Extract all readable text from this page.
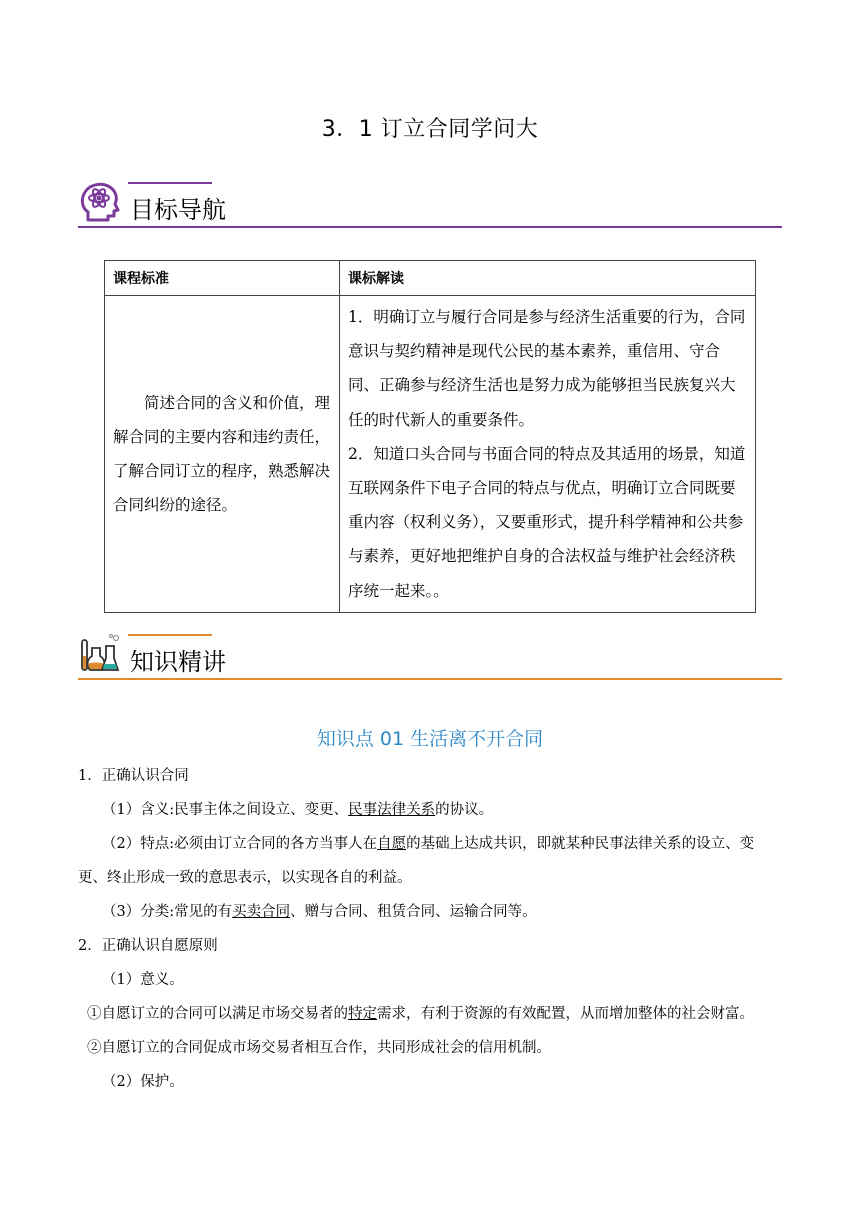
3．1 订立合同学问大
目标导航
课程标准	课标解读
简述合同的含义和价值，理解合同的主要内容和违约责任，了解合同订立的程序，熟悉解决合同纠纷的途径。	1．明确订立与履行合同是参与经济生活重要的行为，合同意识与契约精神是现代公民的基本素养，重信用、守合同、正确参与经济生活也是努力成为能够担当民族复兴大任的时代新人的重要条件。
2．知道口头合同与书面合同的特点及其适用的场景，知道互联网条件下电子合同的特点与优点，明确订立合同既要重内容（权利义务），又要重形式，提升科学精神和公共参与素养，更好地把维护自身的合法权益与维护社会经济秩序统一起来。。
知识精讲
知识点 01 生活离不开合同
1．正确认识合同
（1）含义:民事主体之间设立、变更、民事法律关系的协议。
（2）特点:必须由订立合同的各方当事人在自愿的基础上达成共识，即就某种民事法律关系的设立、变
更、终止形成一致的意思表示，以实现各自的利益。
（3）分类:常见的有买卖合同、赠与合同、租赁合同、运输合同等。
2．正确认识自愿原则
（1）意义。
①自愿订立的合同可以满足市场交易者的特定需求，有利于资源的有效配置，从而增加整体的社会财富。
②自愿订立的合同促成市场交易者相互合作，共同形成社会的信用机制。
（2）保护。
